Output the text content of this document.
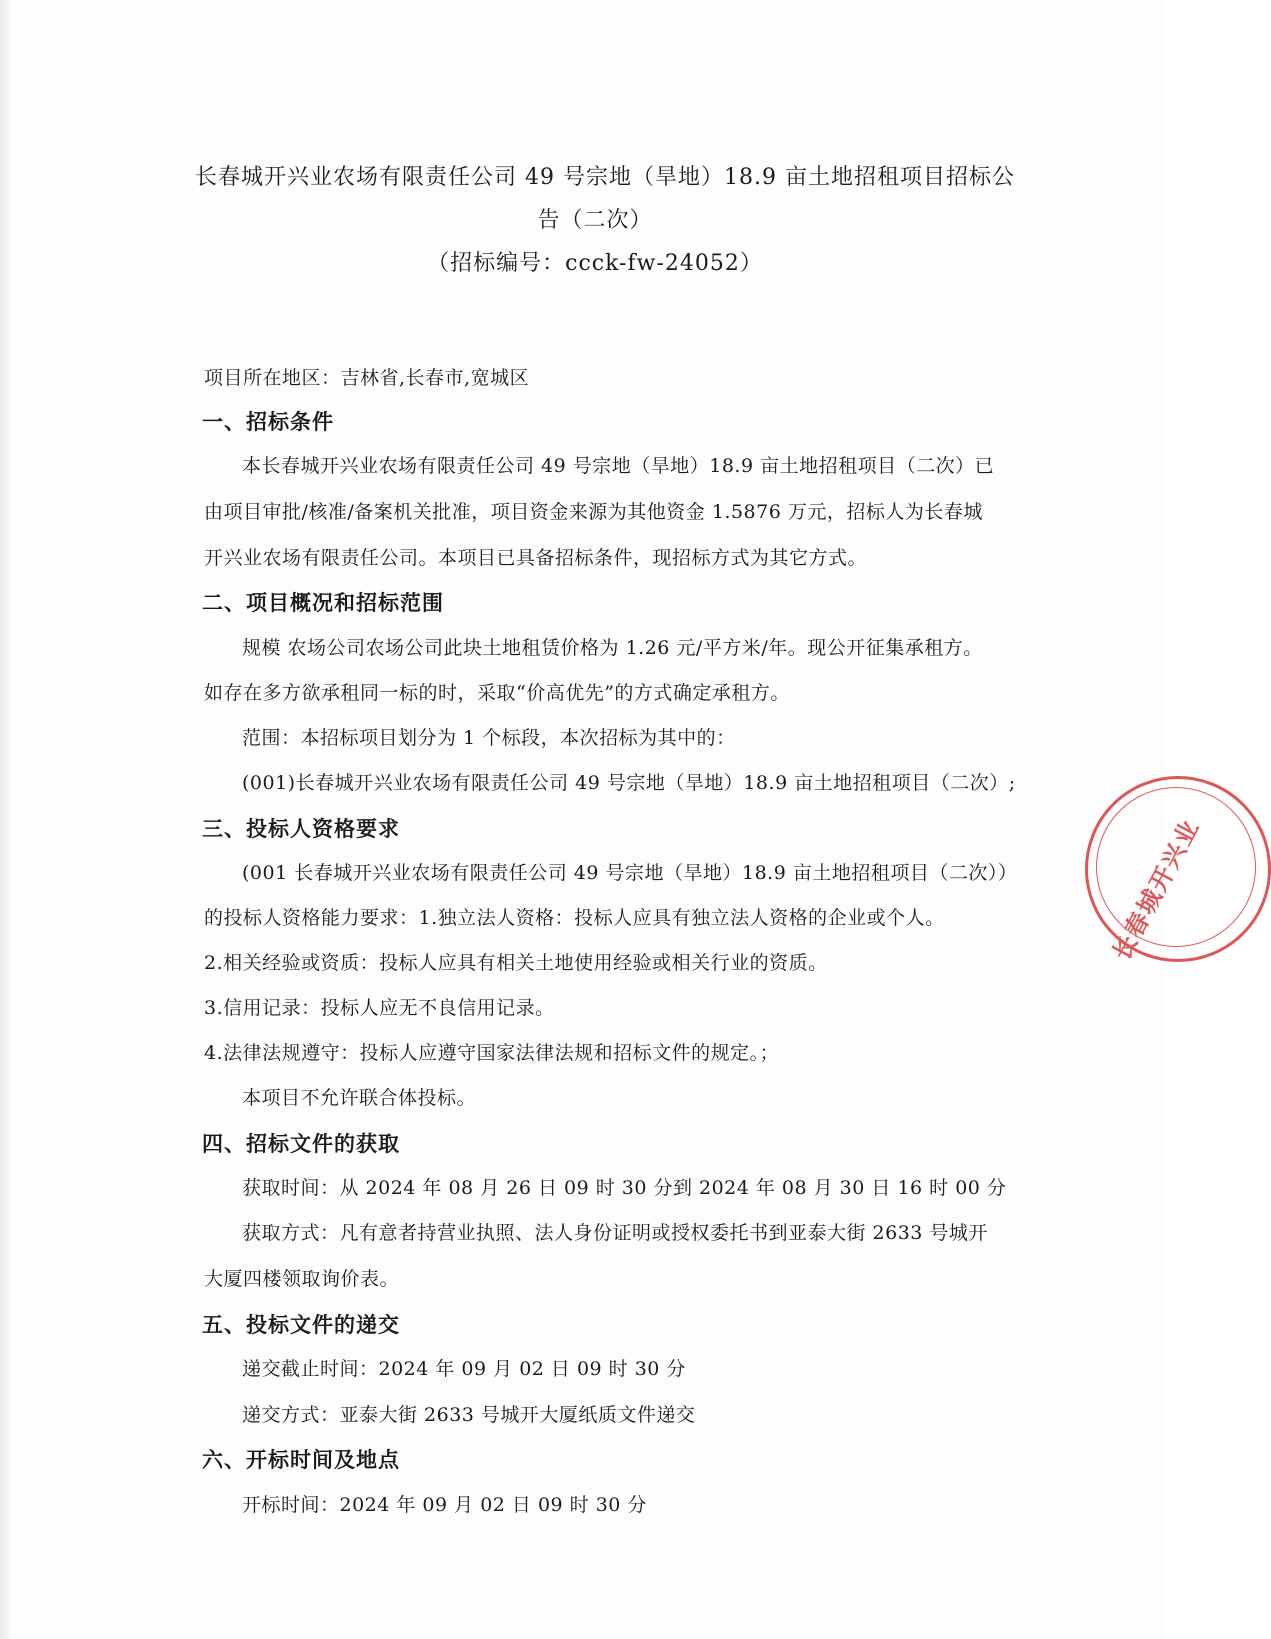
长春城开兴业农场有限责任公司 49 号宗地（旱地）18.9 亩土地招租项目招标公
告（二次）
（招标编号：ccck-fw-24052）
项目所在地区：吉林省,长春市,宽城区
一、招标条件
本长春城开兴业农场有限责任公司 49 号宗地（旱地）18.9 亩土地招租项目（二次）已
由项目审批/核准/备案机关批准，项目资金来源为其他资金 1.5876 万元，招标人为长春城
开兴业农场有限责任公司。本项目已具备招标条件，现招标方式为其它方式。
二、项目概况和招标范围
规模 农场公司农场公司此块土地租赁价格为 1.26 元/平方米/年。现公开征集承租方。
如存在多方欲承租同一标的时，采取“价高优先”的方式确定承租方。
范围：本招标项目划分为 1 个标段，本次招标为其中的：
(001)长春城开兴业农场有限责任公司 49 号宗地（旱地）18.9 亩土地招租项目（二次）;
三、投标人资格要求
(001 长春城开兴业农场有限责任公司 49 号宗地（旱地）18.9 亩土地招租项目（二次））
的投标人资格能力要求：1.独立法人资格：投标人应具有独立法人资格的企业或个人。
2.相关经验或资质：投标人应具有相关土地使用经验或相关行业的资质。
3.信用记录：投标人应无不良信用记录。
4.法律法规遵守：投标人应遵守国家法律法规和招标文件的规定。；
本项目不允许联合体投标。
四、招标文件的获取
获取时间：从 2024 年 08 月 26 日 09 时 30 分到 2024 年 08 月 30 日 16 时 00 分
获取方式：凡有意者持营业执照、法人身份证明或授权委托书到亚泰大街 2633 号城开
大厦四楼领取询价表。
五、投标文件的递交
递交截止时间：2024 年 09 月 02 日 09 时 30 分
递交方式：亚泰大街 2633 号城开大厦纸质文件递交
六、开标时间及地点
开标时间：2024 年 09 月 02 日 09 时 30 分
长春城开兴业
